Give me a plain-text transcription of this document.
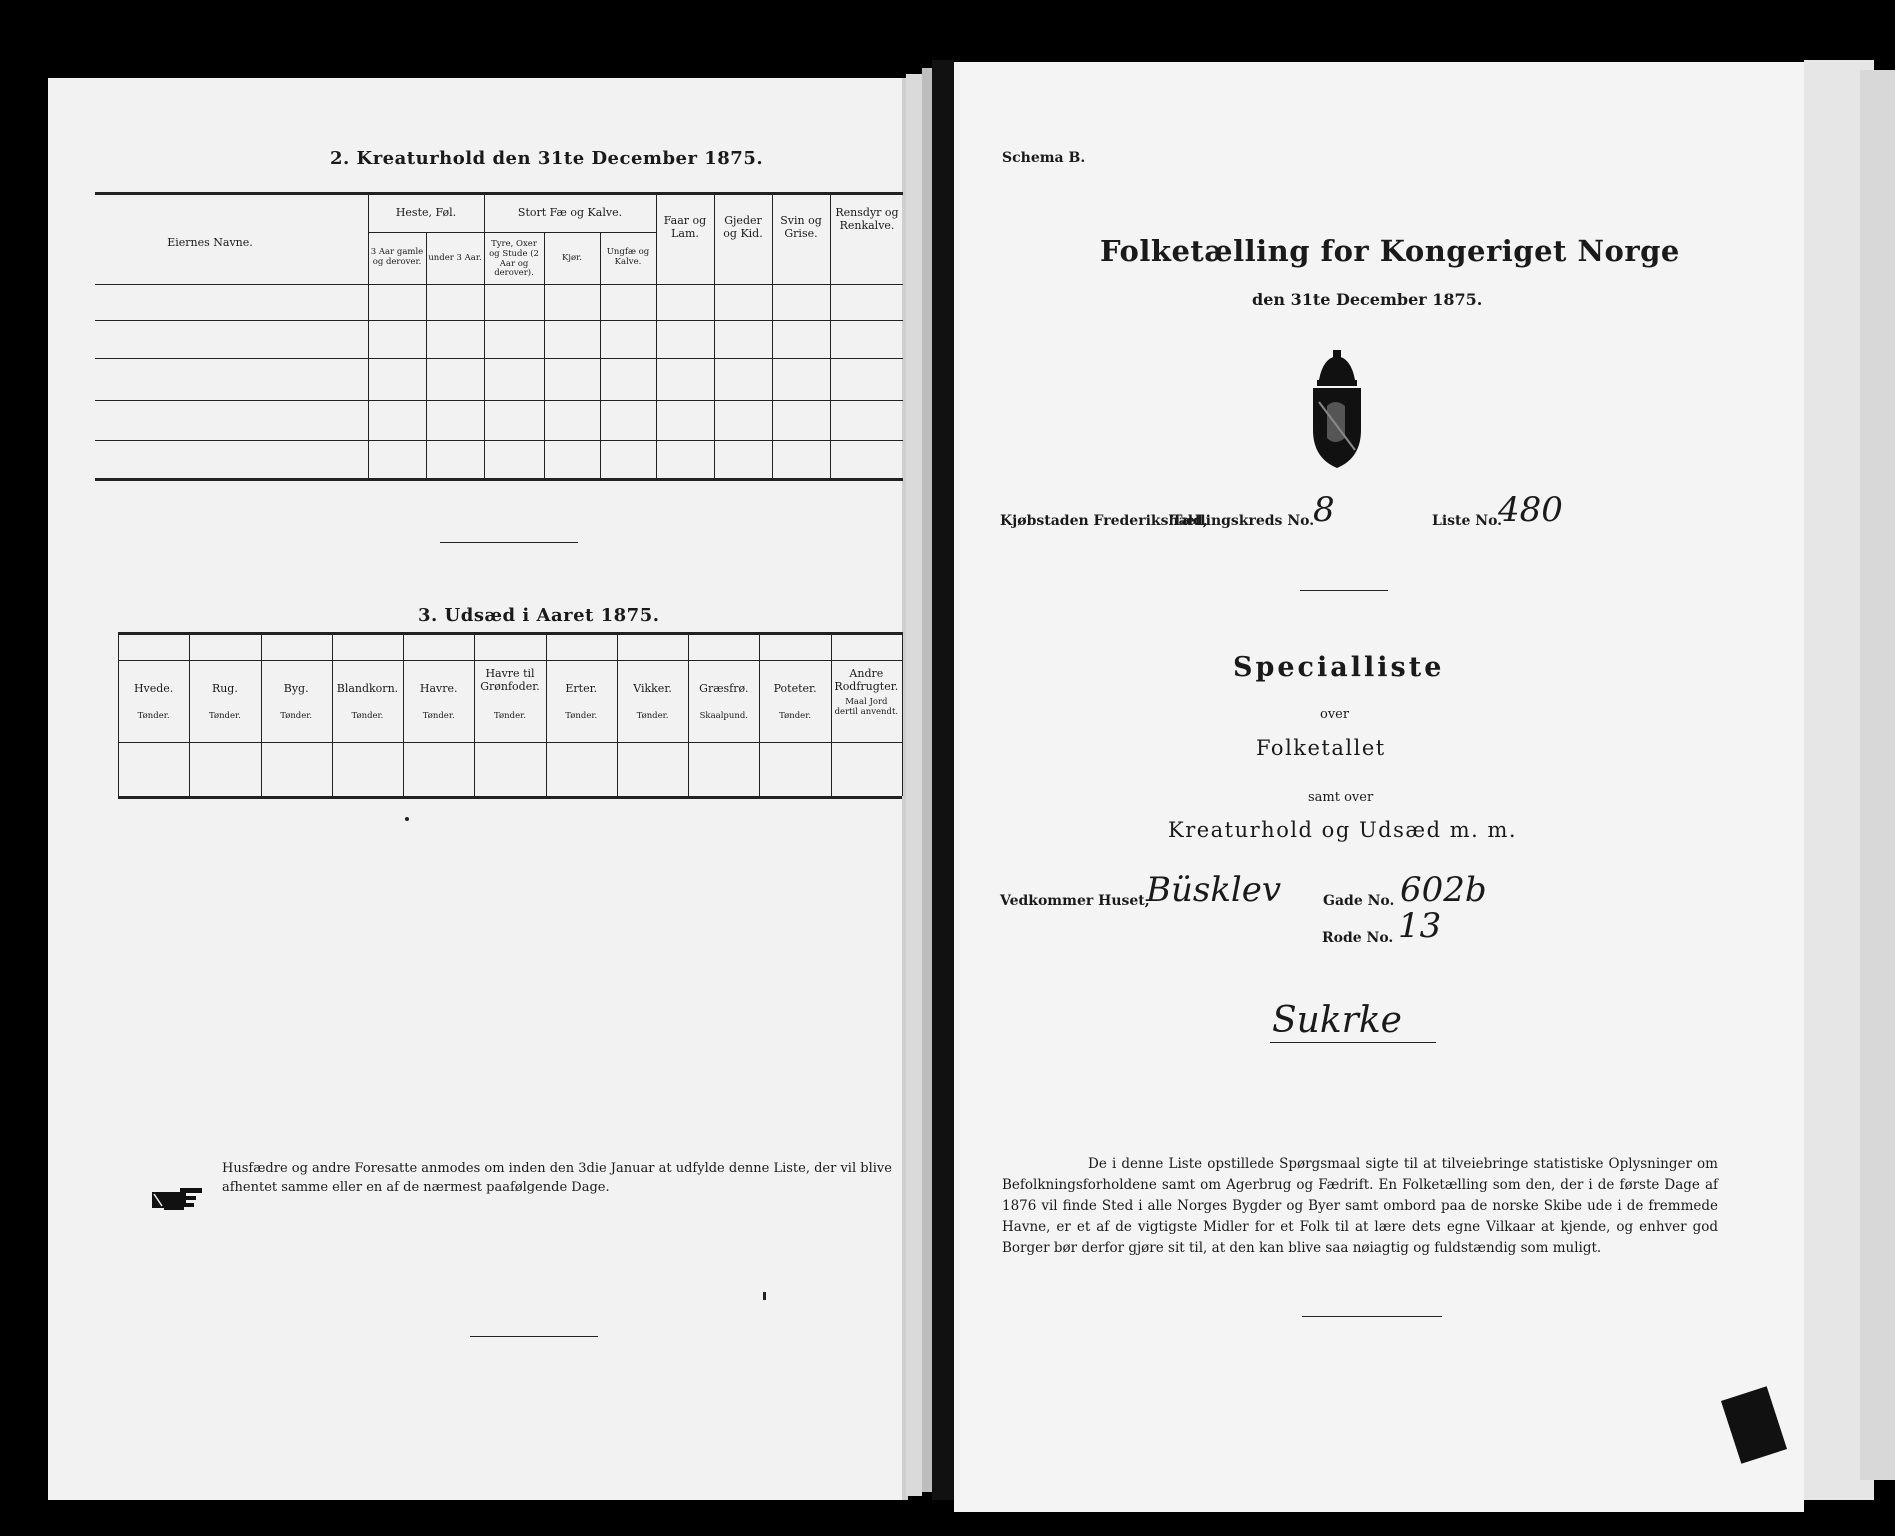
2. Kreaturhold den 31te December 1875.
Eiernes Navne.
Heste, Føl.
3 Aar gamle og derover. under 3 Aar.
Stort Fæ og Kalve.
Tyre, Oxer og Stude (2 Aar og derover).
Kjør.
Ungfæ og Kalve.
Faar og Lam.
Gjeder og Kid.
Svin og Grise.
Rensdyr og Renkalve.
3. Udsæd i Aaret 1875.
Hvede.
Tønder.
Rug.
Tønder.
Byg.
Tønder.
Blandkorn.
Tønder.
Havre.
Tønder.
Havre til Grønfoder.
Tønder.
Erter.
Tønder.
Vikker.
Tønder.
Græsfrø.
Skaalpund.
Poteter.
Tønder.
Andre Rodfrugter.
Maal Jord dertil anvendt.
Husfædre og andre Foresatte anmodes om inden den 3die Januar at udfylde denne Liste, der vil blive afhentet samme eller en af de nærmest paafølgende Dage.
Schema B.
Folketælling for Kongeriget Norge
den 31te December 1875.
Kjøbstaden Frederikshald,
Tællingskreds No.
8	Liste No.
480
Specialliste
over
Folketallet
samt over
Kreaturhold og Udsæd m. m.
Vedkommer Huset,
Büsklev	Gade No. 602b
Rode No. 13
Sukrke
De i denne Liste opstillede Spørgsmaal sigte til at tilveiebringe statistiske Oplysninger om Befolkningsforholdene samt om Agerbrug og Fædrift. En Folketælling som den, der i de første Dage af 1876 vil finde Sted i alle Norges Bygder og Byer samt ombord paa de norske Skibe ude i de fremmede Havne, er et af de vigtigste Midler for et Folk til at lære dets egne Vilkaar at kjende, og enhver god Borger bør derfor gjøre sit til, at den kan blive saa nøiagtig og fuldstændig som muligt.
